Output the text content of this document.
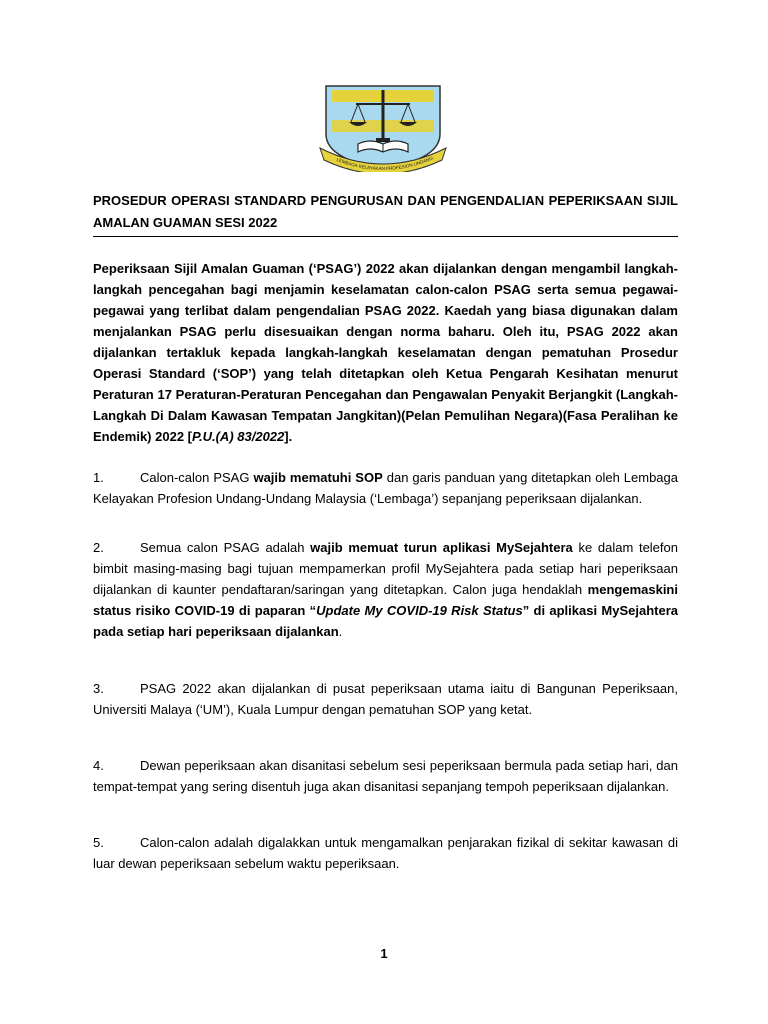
LEMBAGA KELAYAKAN PROFESION UNDANG-
PROSEDUR OPERASI STANDARD PENGURUSAN DAN PENGENDALIAN PEPERIKSAAN SIJIL AMALAN GUAMAN SESI 2022
Peperiksaan Sijil Amalan Guaman (‘PSAG’) 2022 akan dijalankan dengan mengambil langkah-langkah pencegahan bagi menjamin keselamatan calon-calon PSAG serta semua pegawai-pegawai yang terlibat dalam pengendalian PSAG 2022. Kaedah yang biasa digunakan dalam menjalankan PSAG perlu disesuaikan dengan norma baharu. Oleh itu, PSAG 2022 akan dijalankan tertakluk kepada langkah-langkah keselamatan dengan pematuhan Prosedur Operasi Standard (‘SOP’) yang telah ditetapkan oleh Ketua Pengarah Kesihatan menurut Peraturan 17 Peraturan-Peraturan Pencegahan dan Pengawalan Penyakit Berjangkit (Langkah-Langkah Di Dalam Kawasan Tempatan Jangkitan)(Pelan Pemulihan Negara)(Fasa Peralihan ke Endemik) 2022 [P.U.(A) 83/2022].
1.	Calon-calon PSAG wajib mematuhi SOP dan garis panduan yang ditetapkan oleh Lembaga Kelayakan Profesion Undang-Undang Malaysia (‘Lembaga’) sepanjang peperiksaan dijalankan.
2.	Semua calon PSAG adalah wajib memuat turun aplikasi MySejahtera ke dalam telefon bimbit masing-masing bagi tujuan mempamerkan profil MySejahtera pada setiap hari peperiksaan dijalankan di kaunter pendaftaran/saringan yang ditetapkan. Calon juga hendaklah mengemaskini status risiko COVID-19 di paparan “Update My COVID-19 Risk Status” di aplikasi MySejahtera pada setiap hari peperiksaan dijalankan.
3.	PSAG 2022 akan dijalankan di pusat peperiksaan utama iaitu di Bangunan Peperiksaan, Universiti Malaya (‘UM’), Kuala Lumpur dengan pematuhan SOP yang ketat.
4.	Dewan peperiksaan akan disanitasi sebelum sesi peperiksaan bermula pada setiap hari, dan tempat-tempat yang sering disentuh juga akan disanitasi sepanjang tempoh peperiksaan dijalankan.
5.	Calon-calon adalah digalakkan untuk mengamalkan penjarakan fizikal di sekitar kawasan di luar dewan peperiksaan sebelum waktu peperiksaan.
1
